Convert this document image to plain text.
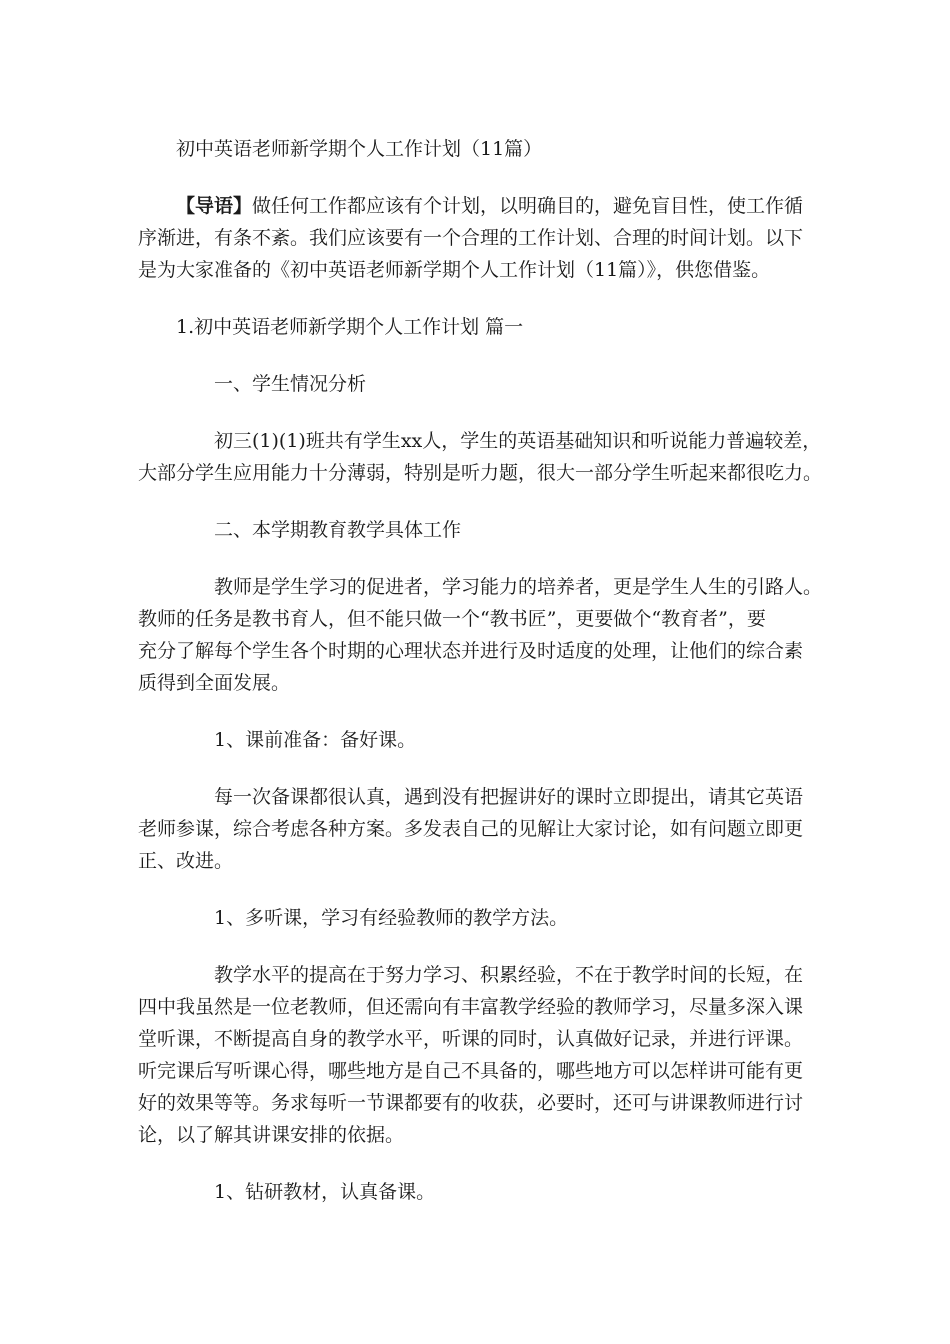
初中英语老师新学期个人工作计划（11篇）
【导语】做任何工作都应该有个计划，以明确目的，避免盲目性，使工作循
序渐进，有条不紊。我们应该要有一个合理的工作计划、合理的时间计划。以下
是为大家准备的《初中英语老师新学期个人工作计划（11篇）》，供您借鉴。
1.初中英语老师新学期个人工作计划 篇一
一、学生情况分析
初三(1)(1)班共有学生xx人，学生的英语基础知识和听说能力普遍较差，
大部分学生应用能力十分薄弱，特别是听力题，很大一部分学生听起来都很吃力。
二、本学期教育教学具体工作
教师是学生学习的促进者，学习能力的培养者，更是学生人生的引路人。
教师的任务是教书育人，但不能只做一个“教书匠”，更要做个“教育者”，要
充分了解每个学生各个时期的心理状态并进行及时适度的处理，让他们的综合素
质得到全面发展。
1、课前准备：备好课。
每一次备课都很认真，遇到没有把握讲好的课时立即提出，请其它英语
老师参谋，综合考虑各种方案。多发表自己的见解让大家讨论，如有问题立即更
正、改进。
1、多听课，学习有经验教师的教学方法。
教学水平的提高在于努力学习、积累经验，不在于教学时间的长短，在
四中我虽然是一位老教师，但还需向有丰富教学经验的教师学习，尽量多深入课
堂听课，不断提高自身的教学水平，听课的同时，认真做好记录，并进行评课。
听完课后写听课心得，哪些地方是自己不具备的，哪些地方可以怎样讲可能有更
好的效果等等。务求每听一节课都要有的收获，必要时，还可与讲课教师进行讨
论，以了解其讲课安排的依据。
1、钻研教材，认真备课。
